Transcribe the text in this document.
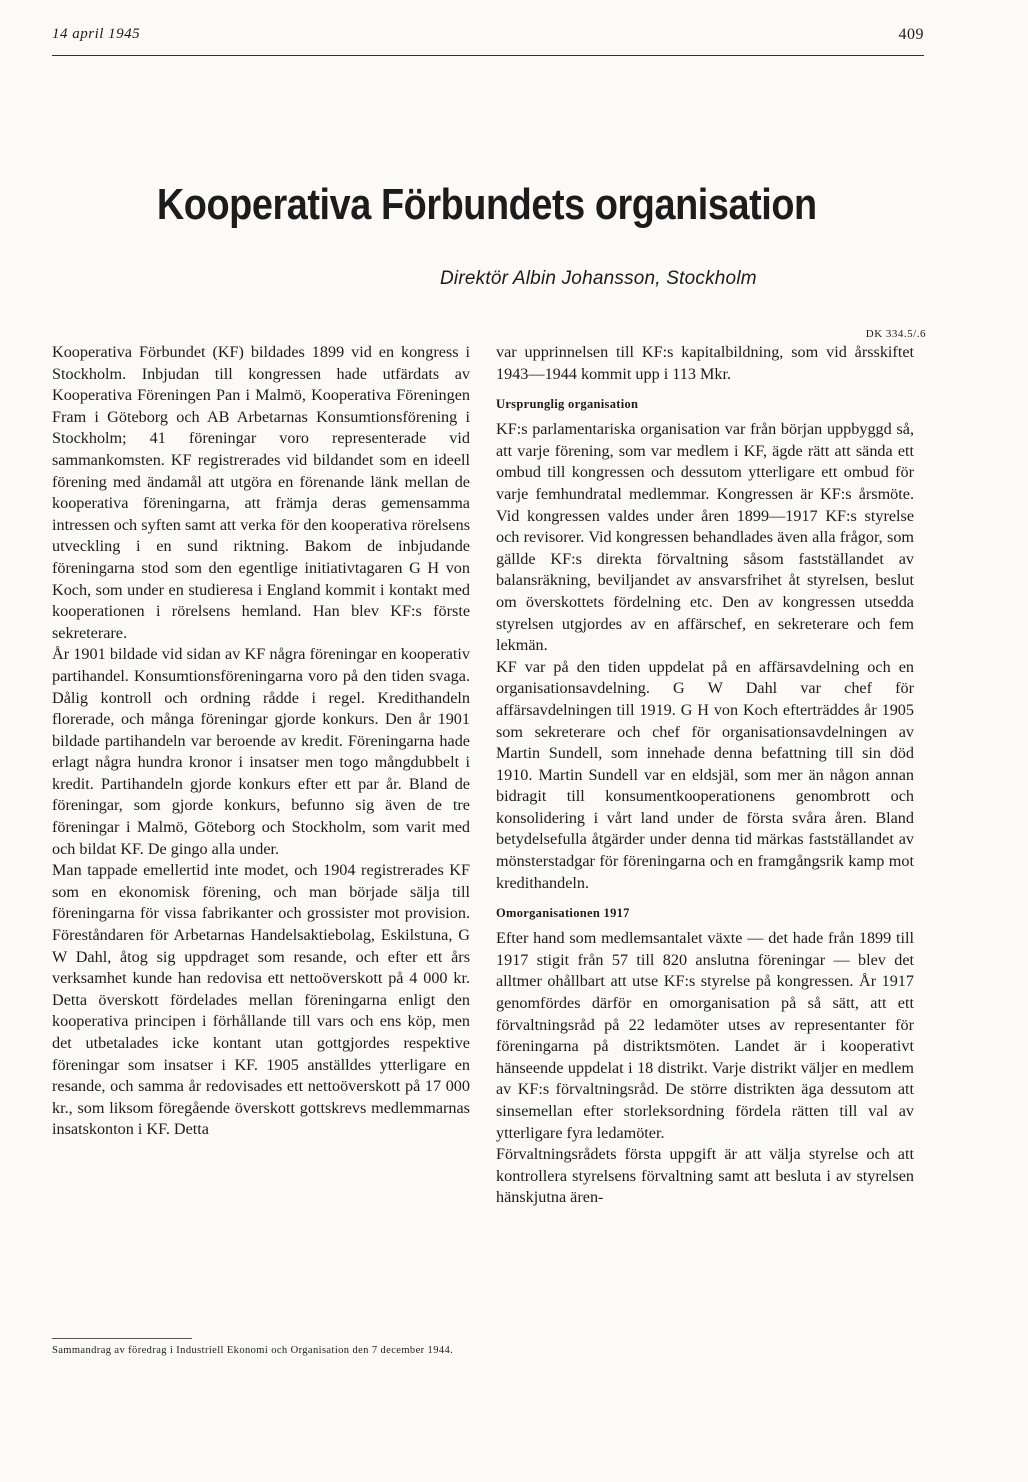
14 april 1945	409
Kooperativa Förbundets organisation
Direktör Albin Johansson, Stockholm
DK 334.5/.6

Kooperativa Förbundet (KF) bildades 1899 vid en kongress i Stockholm. Inbjudan till kongressen hade utfärdats av Kooperativa Föreningen Pan i Malmö, Kooperativa Föreningen Fram i Göteborg och AB Arbetarnas Konsumtionsförening i Stockholm; 41 föreningar voro representerade vid sammankomsten. KF registrerades vid bildandet som en ideell förening med ändamål att utgöra en förenande länk mellan de kooperativa föreningarna, att främja deras gemensamma intressen och syften samt att verka för den kooperativa rörelsens utveckling i en sund riktning. Bakom de inbjudande föreningarna stod som den egentlige initiativtagaren G H von Koch, som under en studieresa i England kommit i kontakt med kooperationen i rörelsens hemland. Han blev KF:s förste sekreterare.

År 1901 bildade vid sidan av KF några föreningar en kooperativ partihandel. Konsumtionsföreningarna voro på den tiden svaga. Dålig kontroll och ordning rådde i regel. Kredithandeln florerade, och många föreningar gjorde konkurs. Den år 1901 bildade partihandeln var beroende av kredit. Föreningarna hade erlagt några hundra kronor i insatser men togo mångdubbelt i kredit. Partihandeln gjorde konkurs efter ett par år. Bland de föreningar, som gjorde konkurs, befunno sig även de tre föreningar i Malmö, Göteborg och Stockholm, som varit med och bildat KF. De gingo alla under.

Man tappade emellertid inte modet, och 1904 registrerades KF som en ekonomisk förening, och man började sälja till föreningarna för vissa fabrikanter och grossister mot provision. Föreståndaren för Arbetarnas Handelsaktiebolag, Eskilstuna, G W Dahl, åtog sig uppdraget som resande, och efter ett års verksamhet kunde han redovisa ett nettoöverskott på 4 000 kr. Detta överskott fördelades mellan föreningarna enligt den kooperativa principen i förhållande till vars och ens köp, men det utbetalades icke kontant utan gottgjordes respektive föreningar som insatser i KF. 1905 anställdes ytterligare en resande, och samma år redovisades ett nettoöverskott på 17 000 kr., som liksom föregående överskott gottskrevs medlemmarnas insatskonton i KF. Detta

var upprinnelsen till KF:s kapitalbildning, som vid årsskiftet 1943—1944 kommit upp i 113 Mkr.

Ursprunglig organisation

KF:s parlamentariska organisation var från början uppbyggd så, att varje förening, som var medlem i KF, ägde rätt att sända ett ombud till kongressen och dessutom ytterligare ett ombud för varje femhundratal medlemmar. Kongressen är KF:s årsmöte. Vid kongressen valdes under åren 1899—1917 KF:s styrelse och revisorer. Vid kongressen behandlades även alla frågor, som gällde KF:s direkta förvaltning såsom fastställandet av balansräkning, beviljandet av ansvarsfrihet åt styrelsen, beslut om överskottets fördelning etc. Den av kongressen utsedda styrelsen utgjordes av en affärschef, en sekreterare och fem lekmän.

KF var på den tiden uppdelat på en affärsavdelning och en organisationsavdelning. G W Dahl var chef för affärsavdelningen till 1919. G H von Koch efterträddes år 1905 som sekreterare och chef för organisationsavdelningen av Martin Sundell, som innehade denna befattning till sin död 1910. Martin Sundell var en eldsjäl, som mer än någon annan bidragit till konsumentkooperationens genombrott och konsolidering i vårt land under de första svåra åren. Bland betydelsefulla åtgärder under denna tid märkas fastställandet av mönsterstadgar för föreningarna och en framgångsrik kamp mot kredithandeln.

Omorganisationen 1917

Efter hand som medlemsantalet växte — det hade från 1899 till 1917 stigit från 57 till 820 anslutna föreningar — blev det alltmer ohållbart att utse KF:s styrelse på kongressen. År 1917 genomfördes därför en omorganisation på så sätt, att ett förvaltningsråd på 22 ledamöter utses av representanter för föreningarna på distriktsmöten. Landet är i kooperativt hänseende uppdelat i 18 distrikt. Varje distrikt väljer en medlem av KF:s förvaltningsråd. De större distrikten äga dessutom att sinsemellan efter storleksordning fördela rätten till val av ytterligare fyra ledamöter.

Förvaltningsrådets första uppgift är att välja styrelse och att kontrollera styrelsens förvaltning samt att besluta i av styrelsen hänskjutna ären-

Sammandrag av föredrag i Industriell Ekonomi och Organisation den 7 december 1944.
